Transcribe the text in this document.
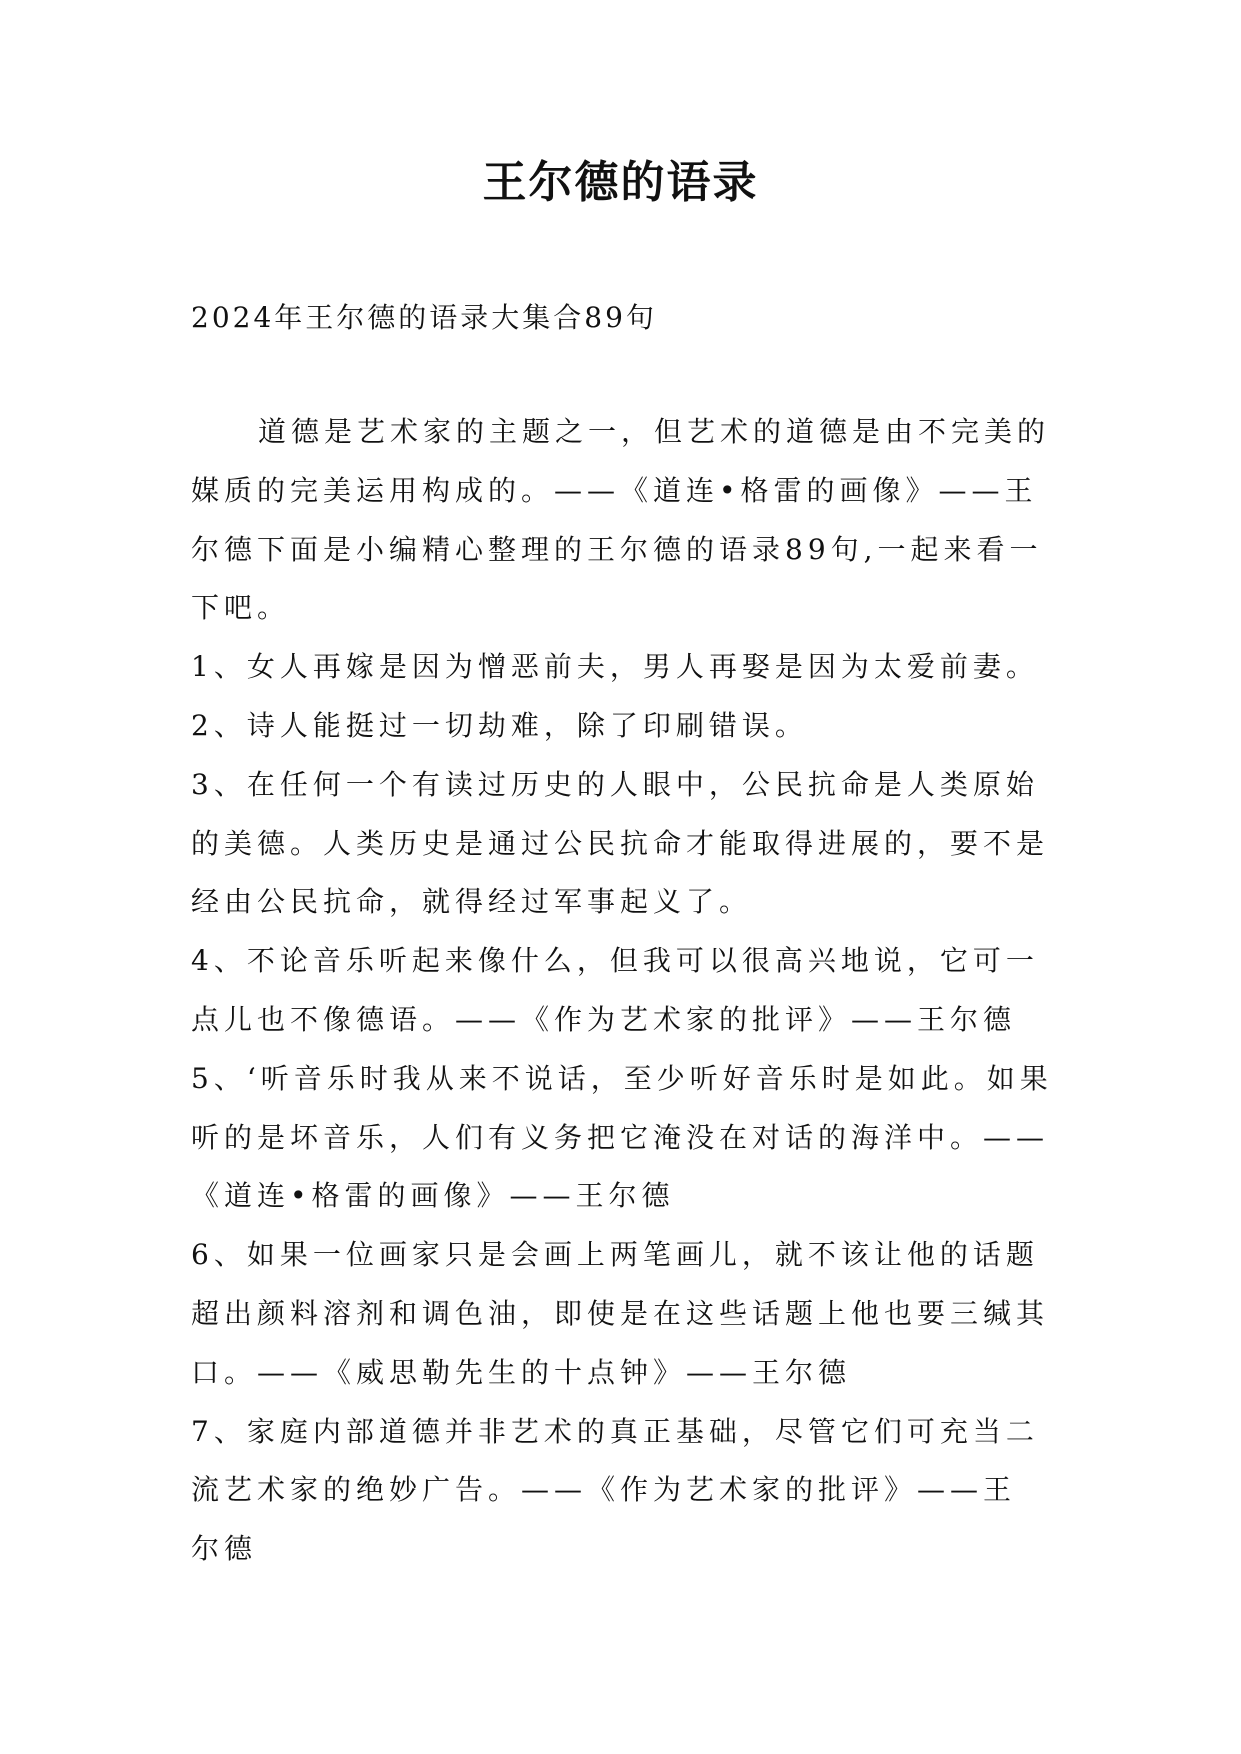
王尔德的语录

2024年王尔德的语录大集合89句

道德是艺术家的主题之一，但艺术的道德是由不完美的
媒质的完美运用构成的。——《道连•格雷的画像》——王
尔德下面是小编精心整理的王尔德的语录89句,一起来看一
下吧。
1、女人再嫁是因为憎恶前夫，男人再娶是因为太爱前妻。
2、诗人能挺过一切劫难，除了印刷错误。
3、在任何一个有读过历史的人眼中，公民抗命是人类原始
的美德。人类历史是通过公民抗命才能取得进展的，要不是
经由公民抗命，就得经过军事起义了。
4、不论音乐听起来像什么，但我可以很高兴地说，它可一
点儿也不像德语。——《作为艺术家的批评》——王尔德
5、‘听音乐时我从来不说话，至少听好音乐时是如此。如果
听的是坏音乐，人们有义务把它淹没在对话的海洋中。——
《道连•格雷的画像》——王尔德
6、如果一位画家只是会画上两笔画儿，就不该让他的话题
超出颜料溶剂和调色油，即使是在这些话题上他也要三缄其
口。——《威思勒先生的十点钟》——王尔德
7、家庭内部道德并非艺术的真正基础，尽管它们可充当二
流艺术家的绝妙广告。——《作为艺术家的批评》——王
尔德
